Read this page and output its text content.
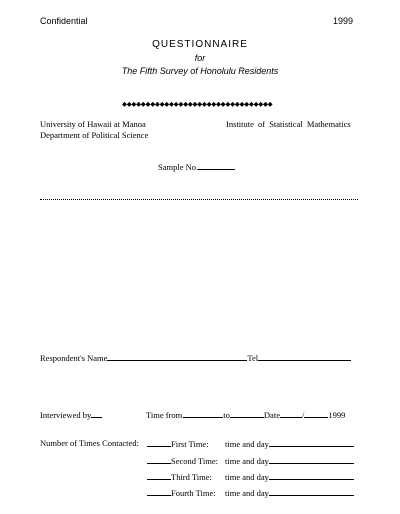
Confidential	1999
QUESTIONNAIRE
for
The Fifth Survey of Honolulu Residents
◆◆◆◆◆◆◆◆◆◆◆◆◆◆◆◆◆◆◆◆◆◆◆◆◆◆◆◆◆◆◆◆
University of Hawaii at Manoa
Department of Political Science
Institute of Statistical Mathematics
Sample No.
Respondent's Name	Tel
Interviewed by	Time from	to	Date	/	1999
Number of Times Contacted:	First Time: time and day
Second Time: time and day
Third Time: time and day
Fourth Time: time and day
